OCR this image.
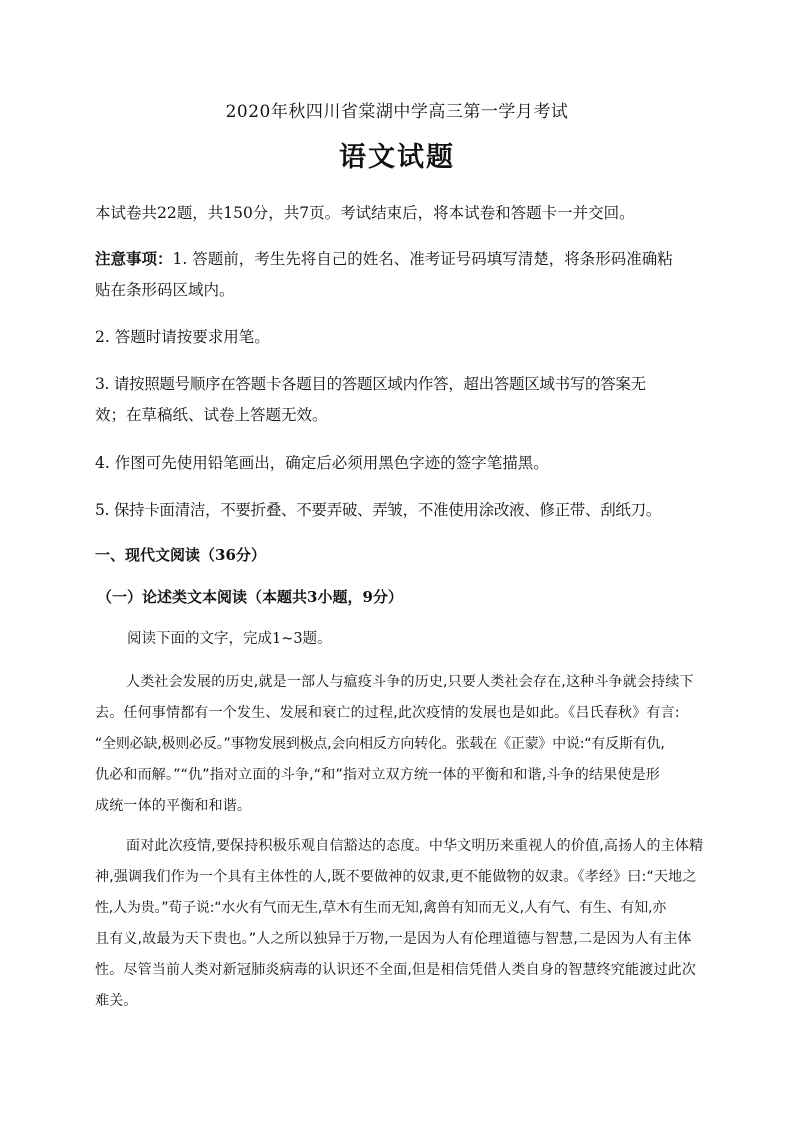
2020年秋四川省棠湖中学高三第一学月考试
语文试题
本试卷共22题，共150分，共7页。考试结束后，将本试卷和答题卡一并交回。
注意事项：1. 答题前，考生先将自己的姓名、准考证号码填写清楚，将条形码准确粘
贴在条形码区域内。
2. 答题时请按要求用笔。
3. 请按照题号顺序在答题卡各题目的答题区域内作答，超出答题区域书写的答案无
效；在草稿纸、试卷上答题无效。
4. 作图可先使用铅笔画出，确定后必须用黑色字迹的签字笔描黑。
5. 保持卡面清洁，不要折叠、不要弄破、弄皱，不准使用涂改液、修正带、刮纸刀。
一、现代文阅读（36分）
（一）论述类文本阅读（本题共3小题，9分）
阅读下面的文字，完成1~3题。
人类社会发展的历史,就是一部人与瘟疫斗争的历史,只要人类社会存在,这种斗争就会持续下
去。任何事情都有一个发生、发展和衰亡的过程,此次疫情的发展也是如此。《吕氏春秋》有言:
“全则必缺,极则必反。”事物发展到极点,会向相反方向转化。张载在《正蒙》中说:“有反斯有仇,
仇必和而解。”“仇”指对立面的斗争,“和”指对立双方统一体的平衡和和谐,斗争的结果使是形
成统一体的平衡和和谐。
面对此次疫情,要保持积极乐观自信豁达的态度。中华文明历来重视人的价值,高扬人的主体精
神,强调我们作为一个具有主体性的人,既不要做神的奴隶,更不能做物的奴隶。《孝经》曰:“天地之
性,人为贵。”荀子说:“水火有气而无生,草木有生而无知,禽兽有知而无义,人有气、有生、有知,亦
且有义,故最为天下贵也。”人之所以独异于万物,一是因为人有伦理道德与智慧,二是因为人有主体
性。尽管当前人类对新冠肺炎病毒的认识还不全面,但是相信凭借人类自身的智慧终究能渡过此次
难关。
